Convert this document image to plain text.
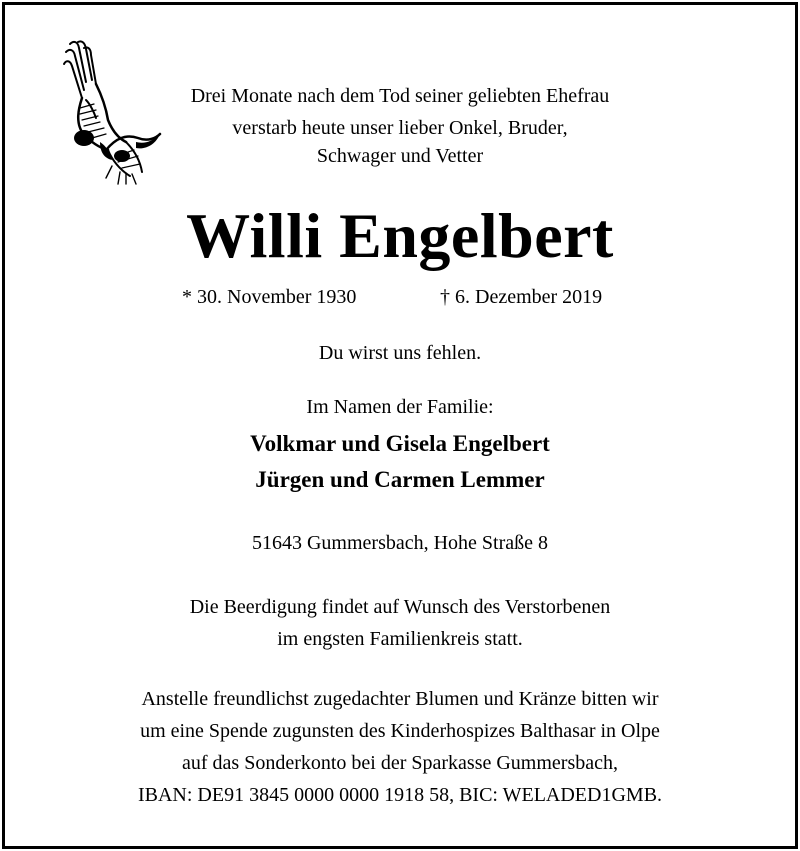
Drei Monate nach dem Tod seiner geliebten Ehefrau
verstarb heute unser lieber Onkel, Bruder,
Schwager und Vetter
Willi Engelbert
* 30. November 1930	† 6. Dezember 2019
Du wirst uns fehlen.
Im Namen der Familie:
Volkmar und Gisela Engelbert
Jürgen und Carmen Lemmer
51643 Gummersbach, Hohe Straße 8
Die Beerdigung findet auf Wunsch des Verstorbenen
im engsten Familienkreis statt.
Anstelle freundlichst zugedachter Blumen und Kränze bitten wir
um eine Spende zugunsten des Kinderhospizes Balthasar in Olpe
auf das Sonderkonto bei der Sparkasse Gummersbach,
IBAN: DE91 3845 0000 0000 1918 58, BIC: WELADED1GMB.
